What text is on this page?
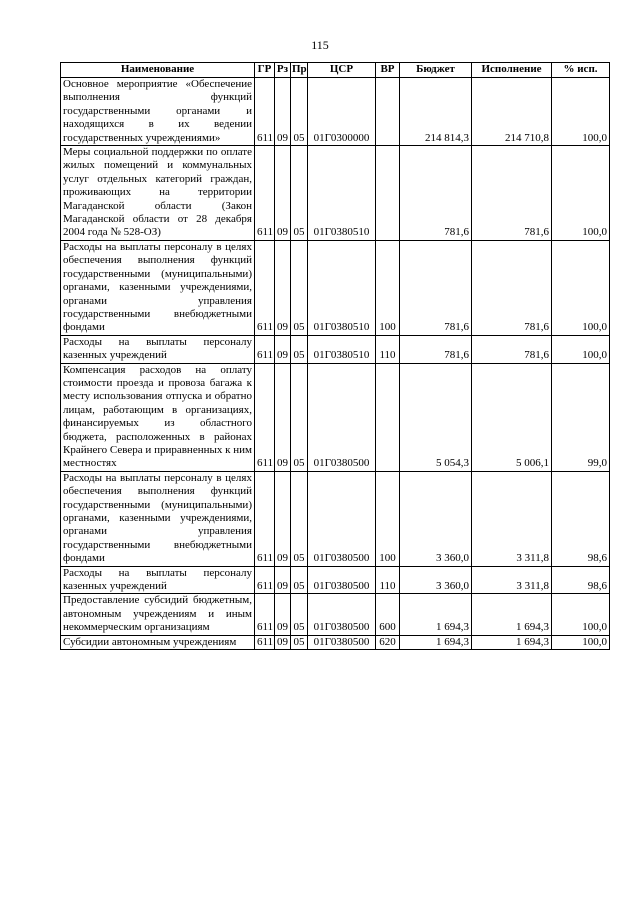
115
Наименование	ГР	Рз	Пр	ЦСР	ВР	Бюджет	Исполнение	% исп.
Основное мероприятие «Обеспечение выполнения функций государственными органами и находящихся в их ведении государственных учреждениями»	611	09	05	01Г0300000		214 814,3	214 710,8	100,0
Меры социальной поддержки по оплате жилых помещений и коммунальных услуг отдельных категорий граждан, проживающих на территории Магаданской области (Закон Магаданской области от 28 декабря 2004 года № 528-ОЗ)	611	09	05	01Г0380510		781,6	781,6	100,0
Расходы на выплаты персоналу в целях обеспечения выполнения функций государственными (муниципальными) органами, казенными учреждениями, органами управления государственными внебюджетными фондами	611	09	05	01Г0380510	100	781,6	781,6	100,0
Расходы на выплаты персоналу казенных учреждений	611	09	05	01Г0380510	110	781,6	781,6	100,0
Компенсация расходов на оплату стоимости проезда и провоза багажа к месту использования отпуска и обратно лицам, работающим в организациях, финансируемых из областного бюджета, расположенных в районах Крайнего Севера и приравненных к ним местностях	611	09	05	01Г0380500		5 054,3	5 006,1	99,0
Расходы на выплаты персоналу в целях обеспечения выполнения функций государственными (муниципальными) органами, казенными учреждениями, органами управления государственными внебюджетными фондами	611	09	05	01Г0380500	100	3 360,0	3 311,8	98,6
Расходы на выплаты персоналу казенных учреждений	611	09	05	01Г0380500	110	3 360,0	3 311,8	98,6
Предоставление субсидий бюджетным, автономным учреждениям и иным некоммерческим организациям	611	09	05	01Г0380500	600	1 694,3	1 694,3	100,0
Субсидии автономным учреждениям	611	09	05	01Г0380500	620	1 694,3	1 694,3	100,0
